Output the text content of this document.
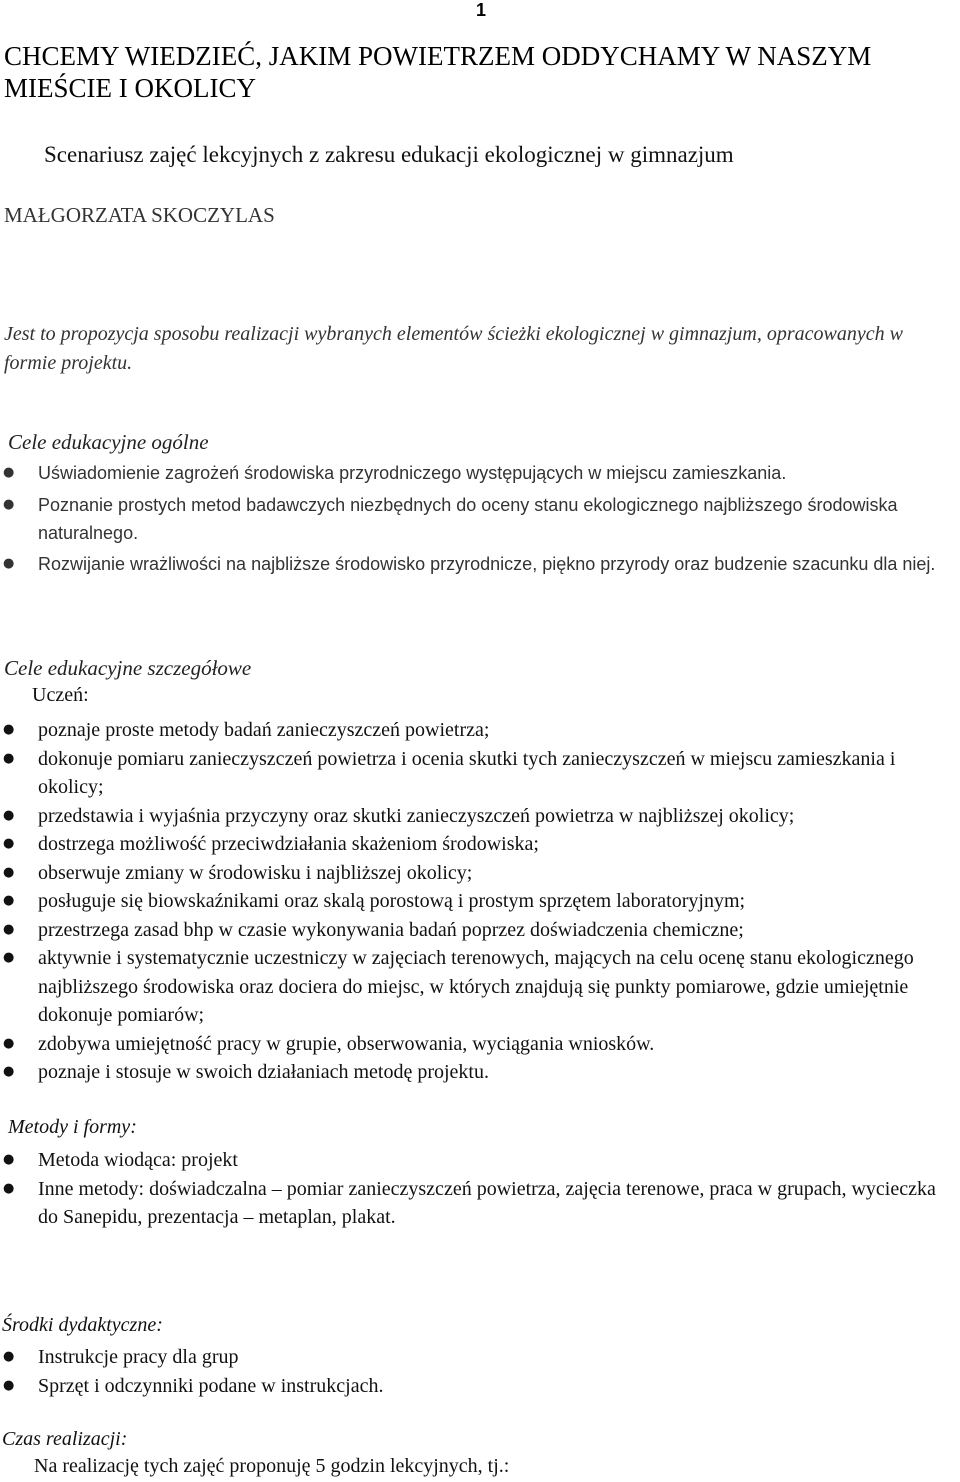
1
CHCEMY WIEDZIEĆ, JAKIM POWIETRZEM ODDYCHAMY W NASZYM MIEŚCIE I OKOLICY
Scenariusz zajęć lekcyjnych z zakresu edukacji ekologicznej w gimnazjum

MAŁGORZATA SKOCZYLAS

Jest to propozycja sposobu realizacji wybranych elementów ścieżki ekologicznej w gimnazjum, opracowanych w formie projektu.

Cele edukacyjne ogólne
● Uświadomienie zagrożeń środowiska przyrodniczego występujących w miejscu zamieszkania.
● Poznanie prostych metod badawczych niezbędnych do oceny stanu ekologicznego najbliższego środowiska naturalnego.
● Rozwijanie wrażliwości na najbliższe środowisko przyrodnicze, piękno przyrody oraz budzenie szacunku dla niej.
Cele edukacyjne szczegółowe

Uczeń:

● poznaje proste metody badań zanieczyszczeń powietrza;
● dokonuje pomiaru zanieczyszczeń powietrza i ocenia skutki tych zanieczyszczeń w miejscu zamieszkania i okolicy;
● przedstawia i wyjaśnia przyczyny oraz skutki zanieczyszczeń powietrza w najbliższej okolicy;
● dostrzega możliwość przeciwdziałania skażeniom środowiska;
● obserwuje zmiany w środowisku i najbliższej okolicy;
● posługuje się biowskaźnikami oraz skalą porostową i prostym sprzętem laboratoryjnym;
● przestrzega zasad bhp w czasie wykonywania badań poprzez doświadczenia chemiczne;
● aktywnie i systematycznie uczestniczy w zajęciach terenowych, mających na celu ocenę stanu ekologicznego najbliższego środowiska oraz dociera do miejsc, w których znajdują się punkty pomiarowe, gdzie umiejętnie dokonuje pomiarów;
● zdobywa umiejętność pracy w grupie, obserwowania, wyciągania wniosków.
● poznaje i stosuje w swoich działaniach metodę projektu.
Metody i formy:
● Metoda wiodąca: projekt
● Inne metody: doświadczalna – pomiar zanieczyszczeń powietrza, zajęcia terenowe, praca w grupach, wycieczka do Sanepidu, prezentacja – metaplan, plakat.
Środki dydaktyczne:
● Instrukcje pracy dla grup
● Sprzęt i odczynniki podane w instrukcjach.
Czas realizacji:

Na realizację tych zajęć proponuję 5 godzin lekcyjnych, tj.:
